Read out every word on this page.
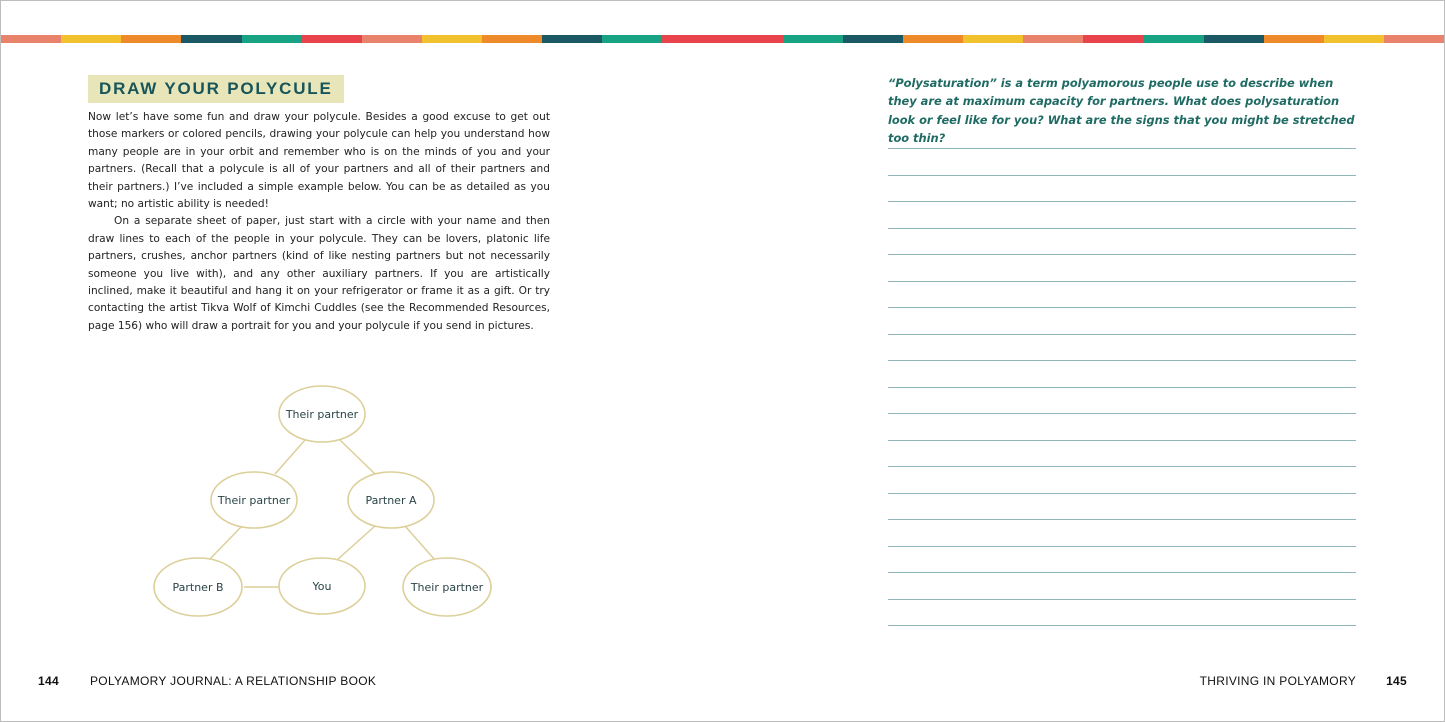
DRAW YOUR POLYCULE

Now let’s have some fun and draw your polycule. Besides a good excuse to get out those markers or colored pencils, drawing your polycule can help you understand how many people are in your orbit and remember who is on the minds of you and your partners. (Recall that a polycule is all of your partners and all of their partners and their partners.) I’ve included a simple example below. You can be as detailed as you want; no artistic ability is needed!

On a separate sheet of paper, just start with a circle with your name and then draw lines to each of the people in your polycule. They can be lovers, platonic life partners, crushes, anchor partners (kind of like nesting partners but not necessarily someone you live with), and any other auxiliary partners. If you are artistically inclined, make it beautiful and hang it on your refrigerator or frame it as a gift. Or try contacting the artist Tikva Wolf of Kimchi Cuddles (see the Recommended Resources, page 156) who will draw a portrait for you and your polycule if you send in pictures.

Their partner
Their partner	Partner A
Partner B	You	Their partner

“Polysaturation” is a term polyamorous people use to describe when they are at maximum capacity for partners. What does polysaturation look or feel like for you? What are the signs that you might be stretched too thin?

144	POLYAMORY JOURNAL: A RELATIONSHIP BOOK	THRIVING IN POLYAMORY	145
